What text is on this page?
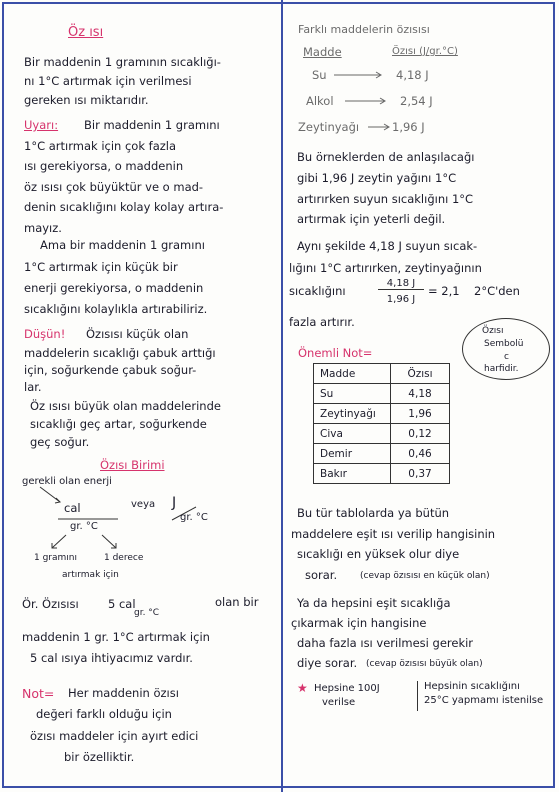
Öz ısı
Bir maddenin 1 gramının sıcaklığı-
nı 1°C artırmak için verilmesi
gereken ısı miktarıdır.
Uyarı: Bir maddenin 1 gramını
1°C artırmak için çok fazla
ısı gerekiyorsa, o maddenin
öz ısısı çok büyüktür ve o mad-
denin sıcaklığını kolay kolay artıra-
mayız.
Ama bir maddenin 1 gramını
1°C artırmak için küçük bir
enerji gerekiyorsa, o maddenin
sıcaklığını kolaylıkla artırabiliriz.
Düşün! Özısısı küçük olan
maddelerin sıcaklığı çabuk arttığı
için, soğurkende çabuk soğur-
lar.
Öz ısısı büyük olan maddelerinde
sıcaklığı geç artar, soğurkende
geç soğur.
Özısı Birimi
gerekli olan enerji
cal
gr. °C
veya J
gr. °C
1 gramını	1 derece
artırmak için
Ör. Özısısı	5 cal
gr. °C
olan bir
maddenin 1 gr. 1°C artırmak için
5 cal ısıya ihtiyacımız vardır.
Not= Her maddenin özısı
değeri farklı olduğu için
özısı maddeler için ayırt edici
bir özelliktir.
Farklı maddelerin özısısı
Madde	Özısı (J/gr.°C)
Su	4,18 J
Alkol	2,54 J
Zeytinyağı	1,96 J
Bu örneklerden de anlaşılacağı
gibi 1,96 J zeytin yağını 1°C
artırırken suyun sıcaklığını 1°C
artırmak için yeterli değil.
Aynı şekilde 4,18 J suyun sıcak-
lığını 1°C artırırken, zeytinyağının
sıcaklığını
4,18 J
1,96 J
= 2,1 2°C'den
fazla artırır.
Özısı
Sembolü
c
harfidir.
Önemli Not=
Madde	Özısı
Su	4,18
Zeytinyağı	1,96
Civa	0,12
Demir	0,46
Bakır	0,37
Bu tür tablolarda ya bütün
maddelere eşit ısı verilip hangisinin
sıcaklığı en yüksek olur diye
sorar.	(cevap özısısı en küçük olan)
Ya da hepsini eşit sıcaklığa
çıkarmak için hangisine
daha fazla ısı verilmesi gerekir
diye sorar. (cevap özısısı büyük olan)
★ Hepsine 100J
verilse
Hepsinin sıcaklığını
25°C yapmamı istenilse
